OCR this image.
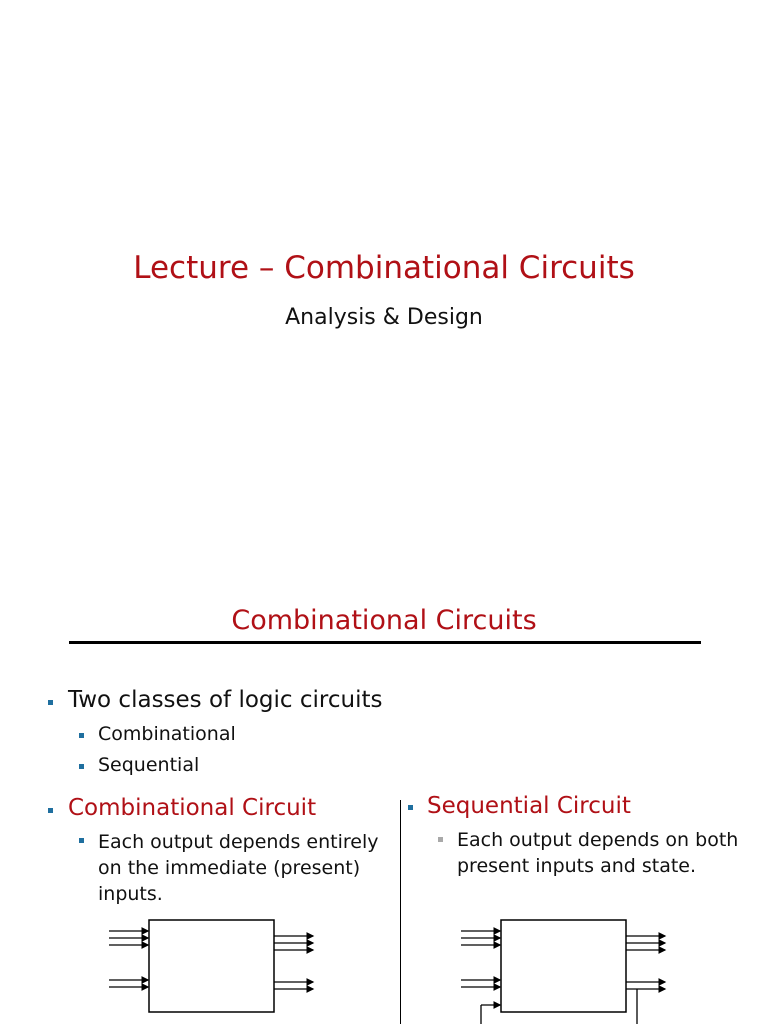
Lecture – Combinational Circuits
Analysis & Design
Combinational Circuits
Two classes of logic circuits
Combinational
Sequential
Combinational Circuit
Each output depends entirely
on the immediate (present)
inputs.
Sequential Circuit
Each output depends on both
present inputs and state.
